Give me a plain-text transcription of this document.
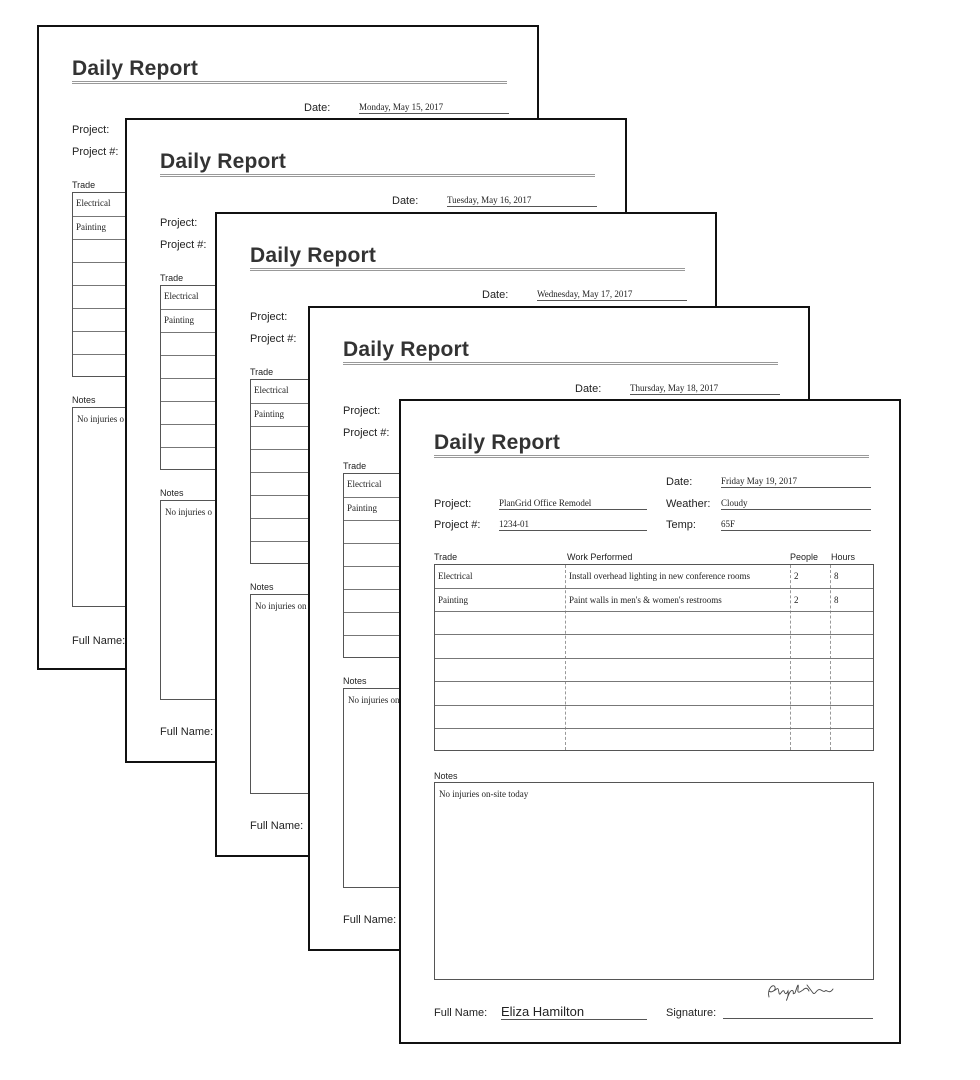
Daily Report
Date:	Monday, May 15, 2017
Project:
Project #:
Trade
Electrical
Painting
Notes
No injuries o
Full Name:
Daily Report
Date:	Tuesday, May 16, 2017
Project:
Project #:
Trade
Electrical
Painting
Notes
No injuries o
Full Name:
Daily Report
Date:	Wednesday, May 17, 2017
Project:
Project #:
Trade
Electrical
Painting
Notes
No injuries on
Full Name:
Daily Report
Date:	Thursday, May 18, 2017
Project:
Project #:
Trade
Electrical
Painting
Notes
No injuries on
Full Name:
Daily Report
Date:	Friday May 19, 2017
Project:	PlanGrid Office Remodel	Weather: Cloudy
Project #: 1234-01	Temp:	65F
Trade	Work Performed	People Hours
Electrical	Install overhead lighting in new conference rooms	2	8
Painting	Paint walls in men's & women's restrooms	2	8
Notes
No injuries on-site today
Full Name: Eliza Hamilton	Signature:
